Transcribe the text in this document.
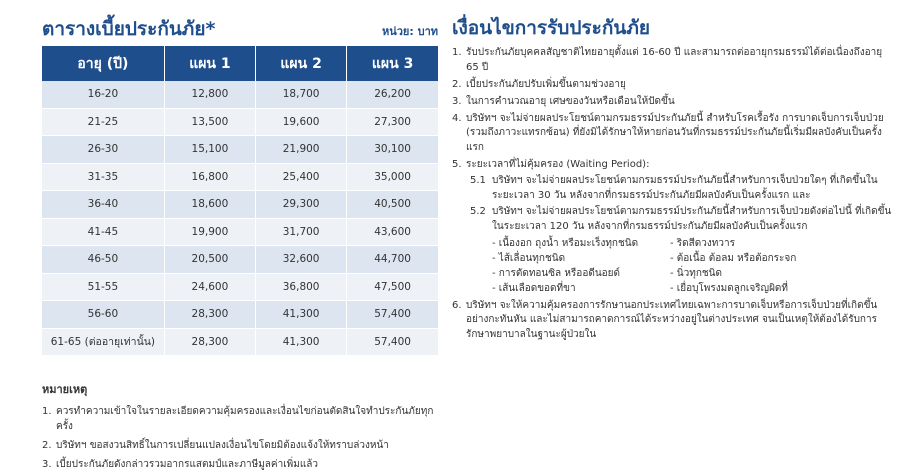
ตารางเบี้ยประกันภัย*	หน่วย: บาท
อายุ (ปี)	แผน 1	แผน 2	แผน 3
16-20	12,800	18,700	26,200
21-25	13,500	19,600	27,300
26-30	15,100	21,900	30,100
31-35	16,800	25,400	35,000
36-40	18,600	29,300	40,500
41-45	19,900	31,700	43,600
46-50	20,500	32,600	44,700
51-55	24,600	36,800	47,500
56-60	28,300	41,300	57,400
61-65 (ต่ออายุเท่านั้น)	28,300	41,300	57,400
หมายเหตุ
1. ควรทำความเข้าใจในรายละเอียดความคุ้มครองและเงื่อนไขก่อนตัดสินใจทำประกันภัยทุกครั้ง
2. บริษัทฯ ขอสงวนสิทธิ์ในการเปลี่ยนแปลงเงื่อนไขโดยมิต้องแจ้งให้ทราบล่วงหน้า
3. เบี้ยประกันภัยดังกล่าวรวมอากรแสตมป์และภาษีมูลค่าเพิ่มแล้ว
เงื่อนไขการรับประกันภัย
1. รับประกันภัยบุคคลสัญชาติไทยอายุตั้งแต่ 16-60 ปี และสามารถต่ออายุกรมธรรม์ได้ต่อเนื่องถึงอายุ 65 ปี
2. เบี้ยประกันภัยปรับเพิ่มขึ้นตามช่วงอายุ
3. ในการคำนวณอายุ เศษของวันหรือเดือนให้ปัดขึ้น
4. บริษัทฯ จะไม่จ่ายผลประโยชน์ตามกรมธรรม์ประกันภัยนี้ สำหรับโรคเรื้อรัง การบาดเจ็บการเจ็บป่วย (รวมถึงภาวะแทรกซ้อน) ที่ยังมิได้รักษาให้หายก่อนวันที่กรมธรรม์ประกันภัยนี้เริ่มมีผลบังคับเป็นครั้งแรก
5. ระยะเวลาที่ไม่คุ้มครอง (Waiting Period):
5.1 บริษัทฯ จะไม่จ่ายผลประโยชน์ตามกรมธรรม์ประกันภัยนี้สำหรับการเจ็บป่วยใดๆ ที่เกิดขึ้นในระยะเวลา 30 วัน หลังจากที่กรมธรรม์ประกันภัยมีผลบังคับเป็นครั้งแรก และ
5.2 บริษัทฯ จะไม่จ่ายผลประโยชน์ตามกรมธรรม์ประกันภัยนี้สำหรับการเจ็บป่วยดังต่อไปนี้ ที่เกิดขึ้นในระยะเวลา 120 วัน หลังจากที่กรมธรรม์ประกันภัยมีผลบังคับเป็นครั้งแรก
- เนื้องอก ถุงน้ำ หรือมะเร็งทุกชนิด	- ริดสีดวงทวาร
- ไส้เลื่อนทุกชนิด	- ต้อเนื้อ ต้อลม หรือต้อกระจก
- การตัดทอนซิล หรืออดีนอยด์	- นิ่วทุกชนิด
- เส้นเลือดขอดที่ขา	- เยื่อบุโพรงมดลูกเจริญผิดที่
6. บริษัทฯ จะให้ความคุ้มครองการรักษานอกประเทศไทยเฉพาะการบาดเจ็บหรือการเจ็บป่วยที่เกิดขึ้นอย่างกะทันหัน และไม่สามารถคาดการณ์ได้ระหว่างอยู่ในต่างประเทศ จนเป็นเหตุให้ต้องได้รับการรักษาพยาบาลในฐานะผู้ป่วยใน
